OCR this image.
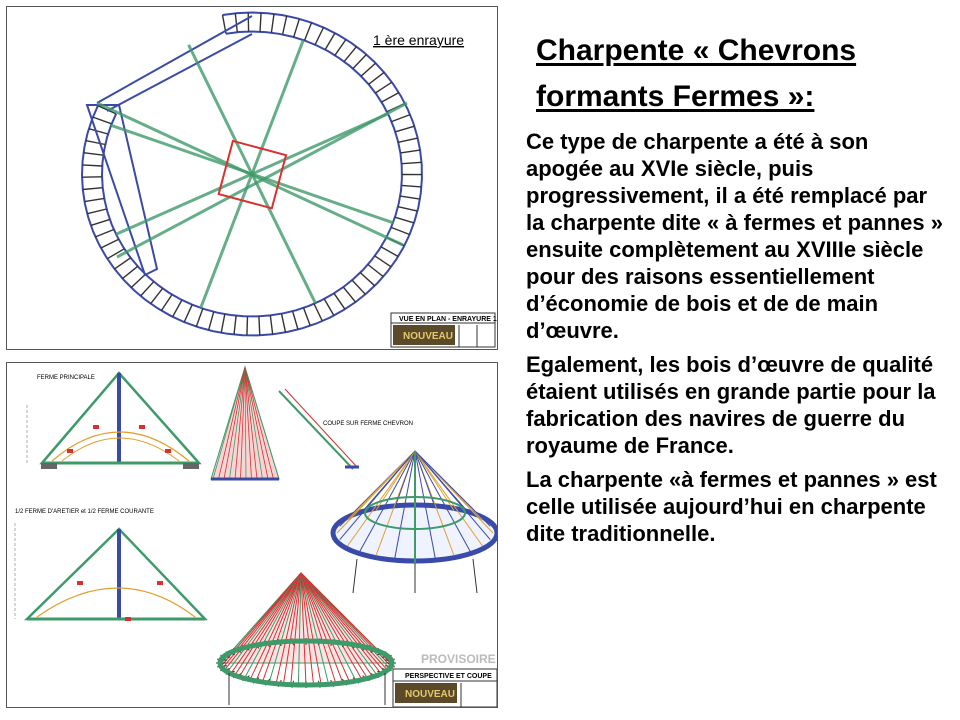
1 ère enrayure
VUE EN PLAN - ENRAYURE 1
NOUVEAU
FERME PRINCIPALE
COUPE SUR FERME CHEVRON
1/2 FERME D'ARETIER et 1/2 FERME COURANTE
PROVISOIRE
PERSPECTIVE ET COUPE
NOUVEAU
Charpente « Chevrons formants Fermes »:

Ce type de charpente a été à son apogée au XVIe siècle, puis progressivement, il a été remplacé par la charpente dite « à fermes et pannes » ensuite complètement au XVIIIe siècle pour des raisons essentiellement d’économie de bois et de de main d’œuvre.

Egalement, les bois d’œuvre de qualité étaient utilisés en grande partie pour la fabrication des navires de guerre du royaume de France.

La charpente «à fermes et pannes » est celle utilisée aujourd’hui en charpente dite traditionnelle.
